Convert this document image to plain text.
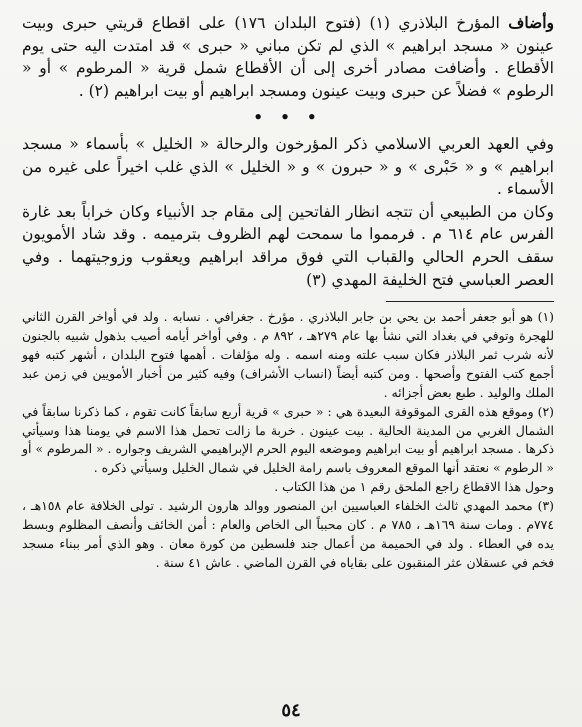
وأضاف المؤرخ البلاذري (١) (فتوح البلدان ١٧٦) على اقطاع قريتي حبرى وبيت عينون « مسجد ابراهيم » الذي لم تكن مباني « حبرى » قد امتدت اليه حتى يوم الأقطاع . وأضافت مصادر أخرى إلى أن الأقطاع شمل قرية « المرطوم » أو « الرطوم » فضلاً عن حبرى وبيت عينون ومسجد ابراهيم أو بيت ابراهيم (٢) .

• • •

وفي العهد العربي الاسلامي ذكر المؤرخون والرحالة « الخليل » بأسماء « مسجد ابراهيم » و « حَبْرى » و « حبرون » و « الخليل » الذي غلب اخيراً على غيره من الأسماء .

وكان من الطبيعي أن تتجه انظار الفاتحين إلى مقام جد الأنبياء وكان خراباً بعد غارة الفرس عام ٦١٤ م . فرمموا ما سمحت لهم الظروف بترميمه . وقد شاد الأمويون سقف الحرم الحالي والقباب التي فوق مراقد ابراهيم ويعقوب وزوجيتهما . وفي العصر العباسي فتح الخليفة المهدي (٣)

(١) هو أبو جعفر أحمد بن يحي بن جابر البلاذري . مؤرخ . جغرافي . نسابه . ولد في أواخر القرن الثاني للهجرة وتوفي في بغداد التي نشأ بها عام ٢٧٩هـ ، ٨٩٢ م . وفي أواخر أيامه أصيب بذهول شبيه بالجنون لأنه شرب ثمر البلاذر فكان سبب علته ومنه اسمه . وله مؤلفات . أهمها فتوح البلدان ، أشهر كتبه فهو أجمع كتب الفتوح وأصحها . ومن كتبه أيضاً (انساب الأشراف) وفيه كثير من أخبار الأمويين في زمن عبد الملك والوليد . طبع بعض أجزائه .

(٢) وموقع هذه القرى الموقوفة البعيدة هي : « حبرى » قرية أربع سابقاً كانت تقوم ، كما ذكرنا سابقاً في الشمال الغربي من المدينة الحالية . بيت عينون . خربة ما زالت تحمل هذا الاسم في يومنا هذا وسيأتي ذكرها . مسجد ابراهيم أو بيت ابراهيم وموضعه اليوم الحرم الإبراهيمي الشريف وجواره . « المرطوم » أو « الرطوم » نعتقد أنها الموقع المعروف باسم رامة الخليل في شمال الخليل وسيأتي ذكره .

وحول هذا الاقطاع راجع الملحق رقم ١ من هذا الكتاب .

(٣) محمد المهدي ثالث الخلفاء العباسيين ابن المنصور ووالد هارون الرشيد . تولى الخلافة عام ١٥٨هـ ، ٧٧٤م . ومات سنة ١٦٩هـ ، ٧٨٥ م . كان محبباً الى الخاص والعام : أمن الخائف وأنصف المظلوم وبسط يده في العطاء . ولد في الحميمة من أعمال جند فلسطين من كورة معان . وهو الذي أمر ببناء مسجد فخم في عسقلان عثر المنقبون على بقاياه في القرن الماضي . عاش ٤١ سنة .

٥٤
